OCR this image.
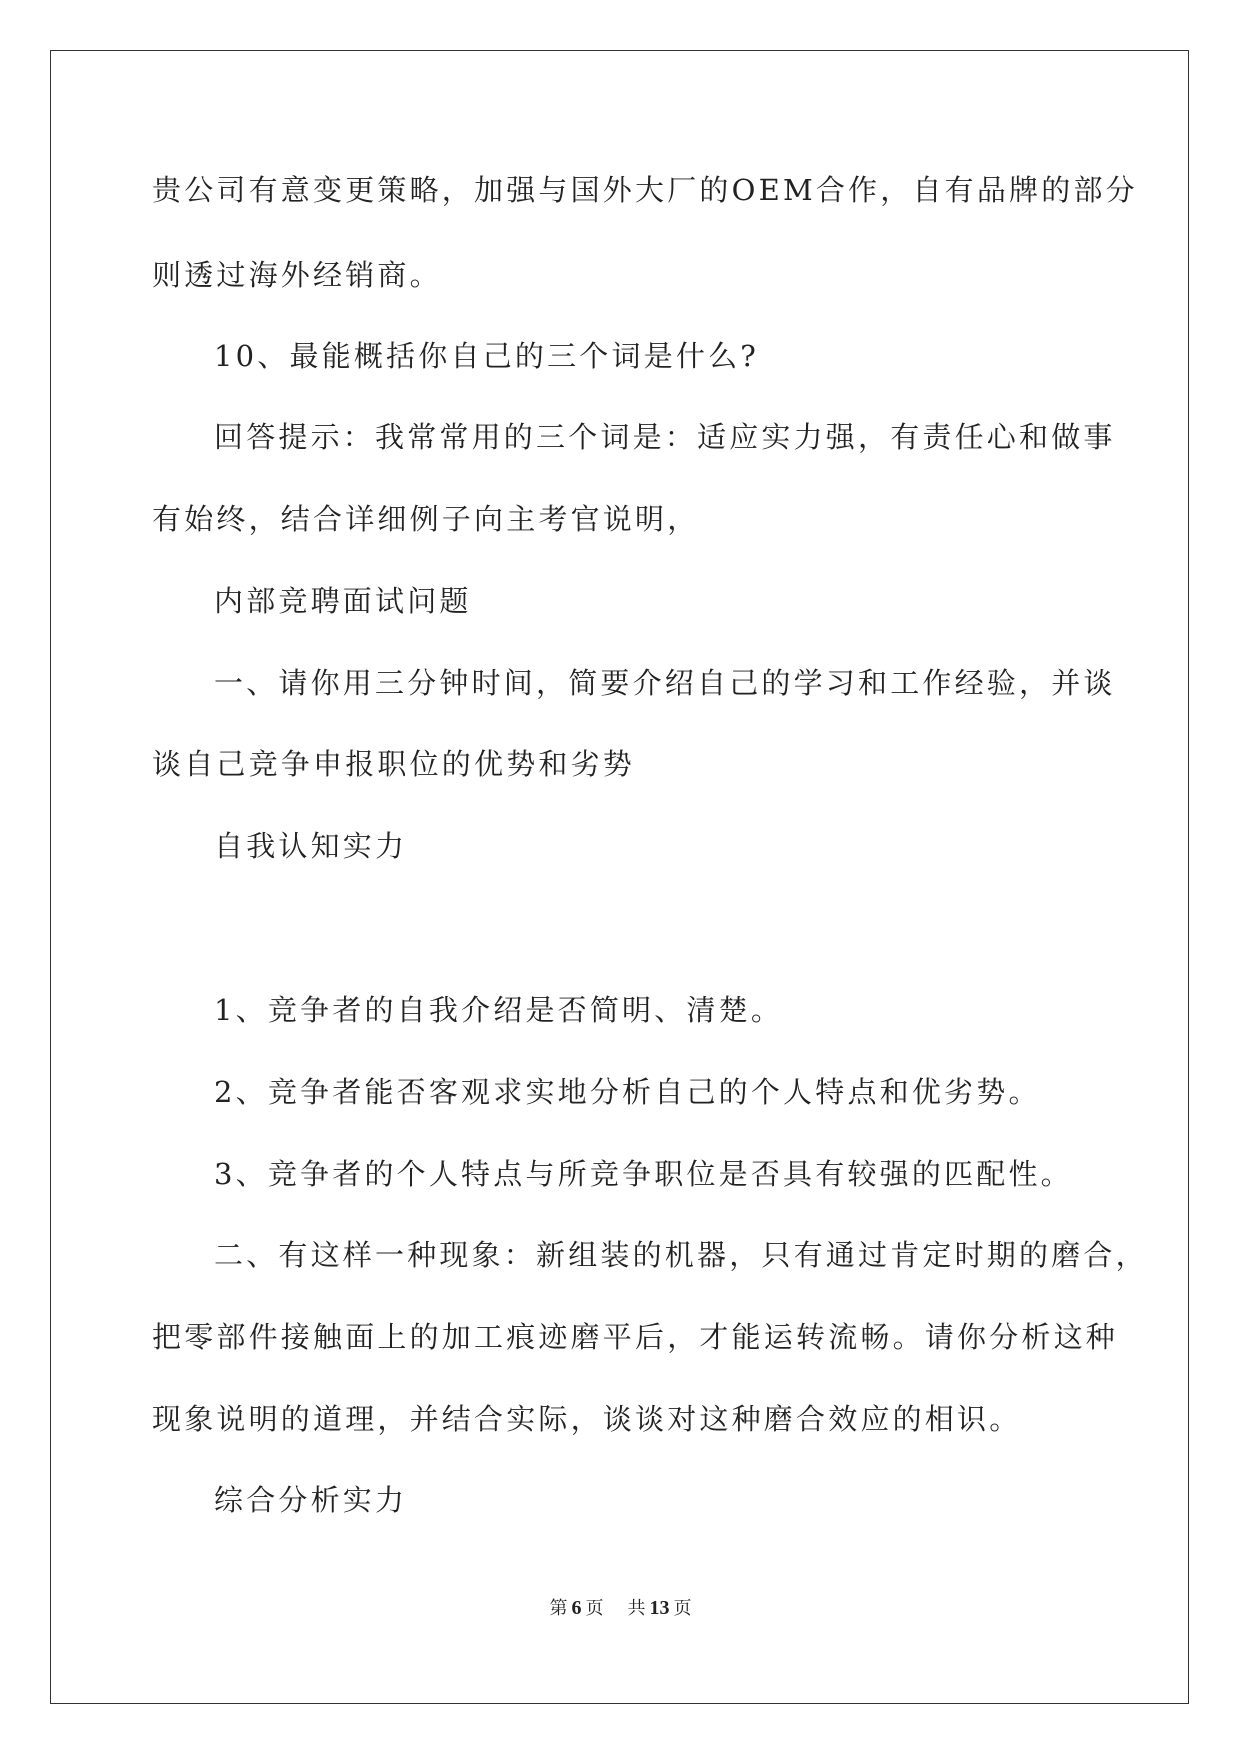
贵公司有意变更策略，加强与国外大厂的OEM合作，自有品牌的部分
则透过海外经销商。
10、最能概括你自己的三个词是什么?
回答提示：我常常用的三个词是：适应实力强，有责任心和做事
有始终，结合详细例子向主考官说明，
内部竞聘面试问题
一、请你用三分钟时间，简要介绍自己的学习和工作经验，并谈
谈自己竞争申报职位的优势和劣势
自我认知实力
1、竞争者的自我介绍是否简明、清楚。
2、竞争者能否客观求实地分析自己的个人特点和优劣势。
3、竞争者的个人特点与所竞争职位是否具有较强的匹配性。
二、有这样一种现象：新组装的机器，只有通过肯定时期的磨合，
把零部件接触面上的加工痕迹磨平后，才能运转流畅。请你分析这种
现象说明的道理，并结合实际，谈谈对这种磨合效应的相识。
综合分析实力
第 6 页 共 13 页
